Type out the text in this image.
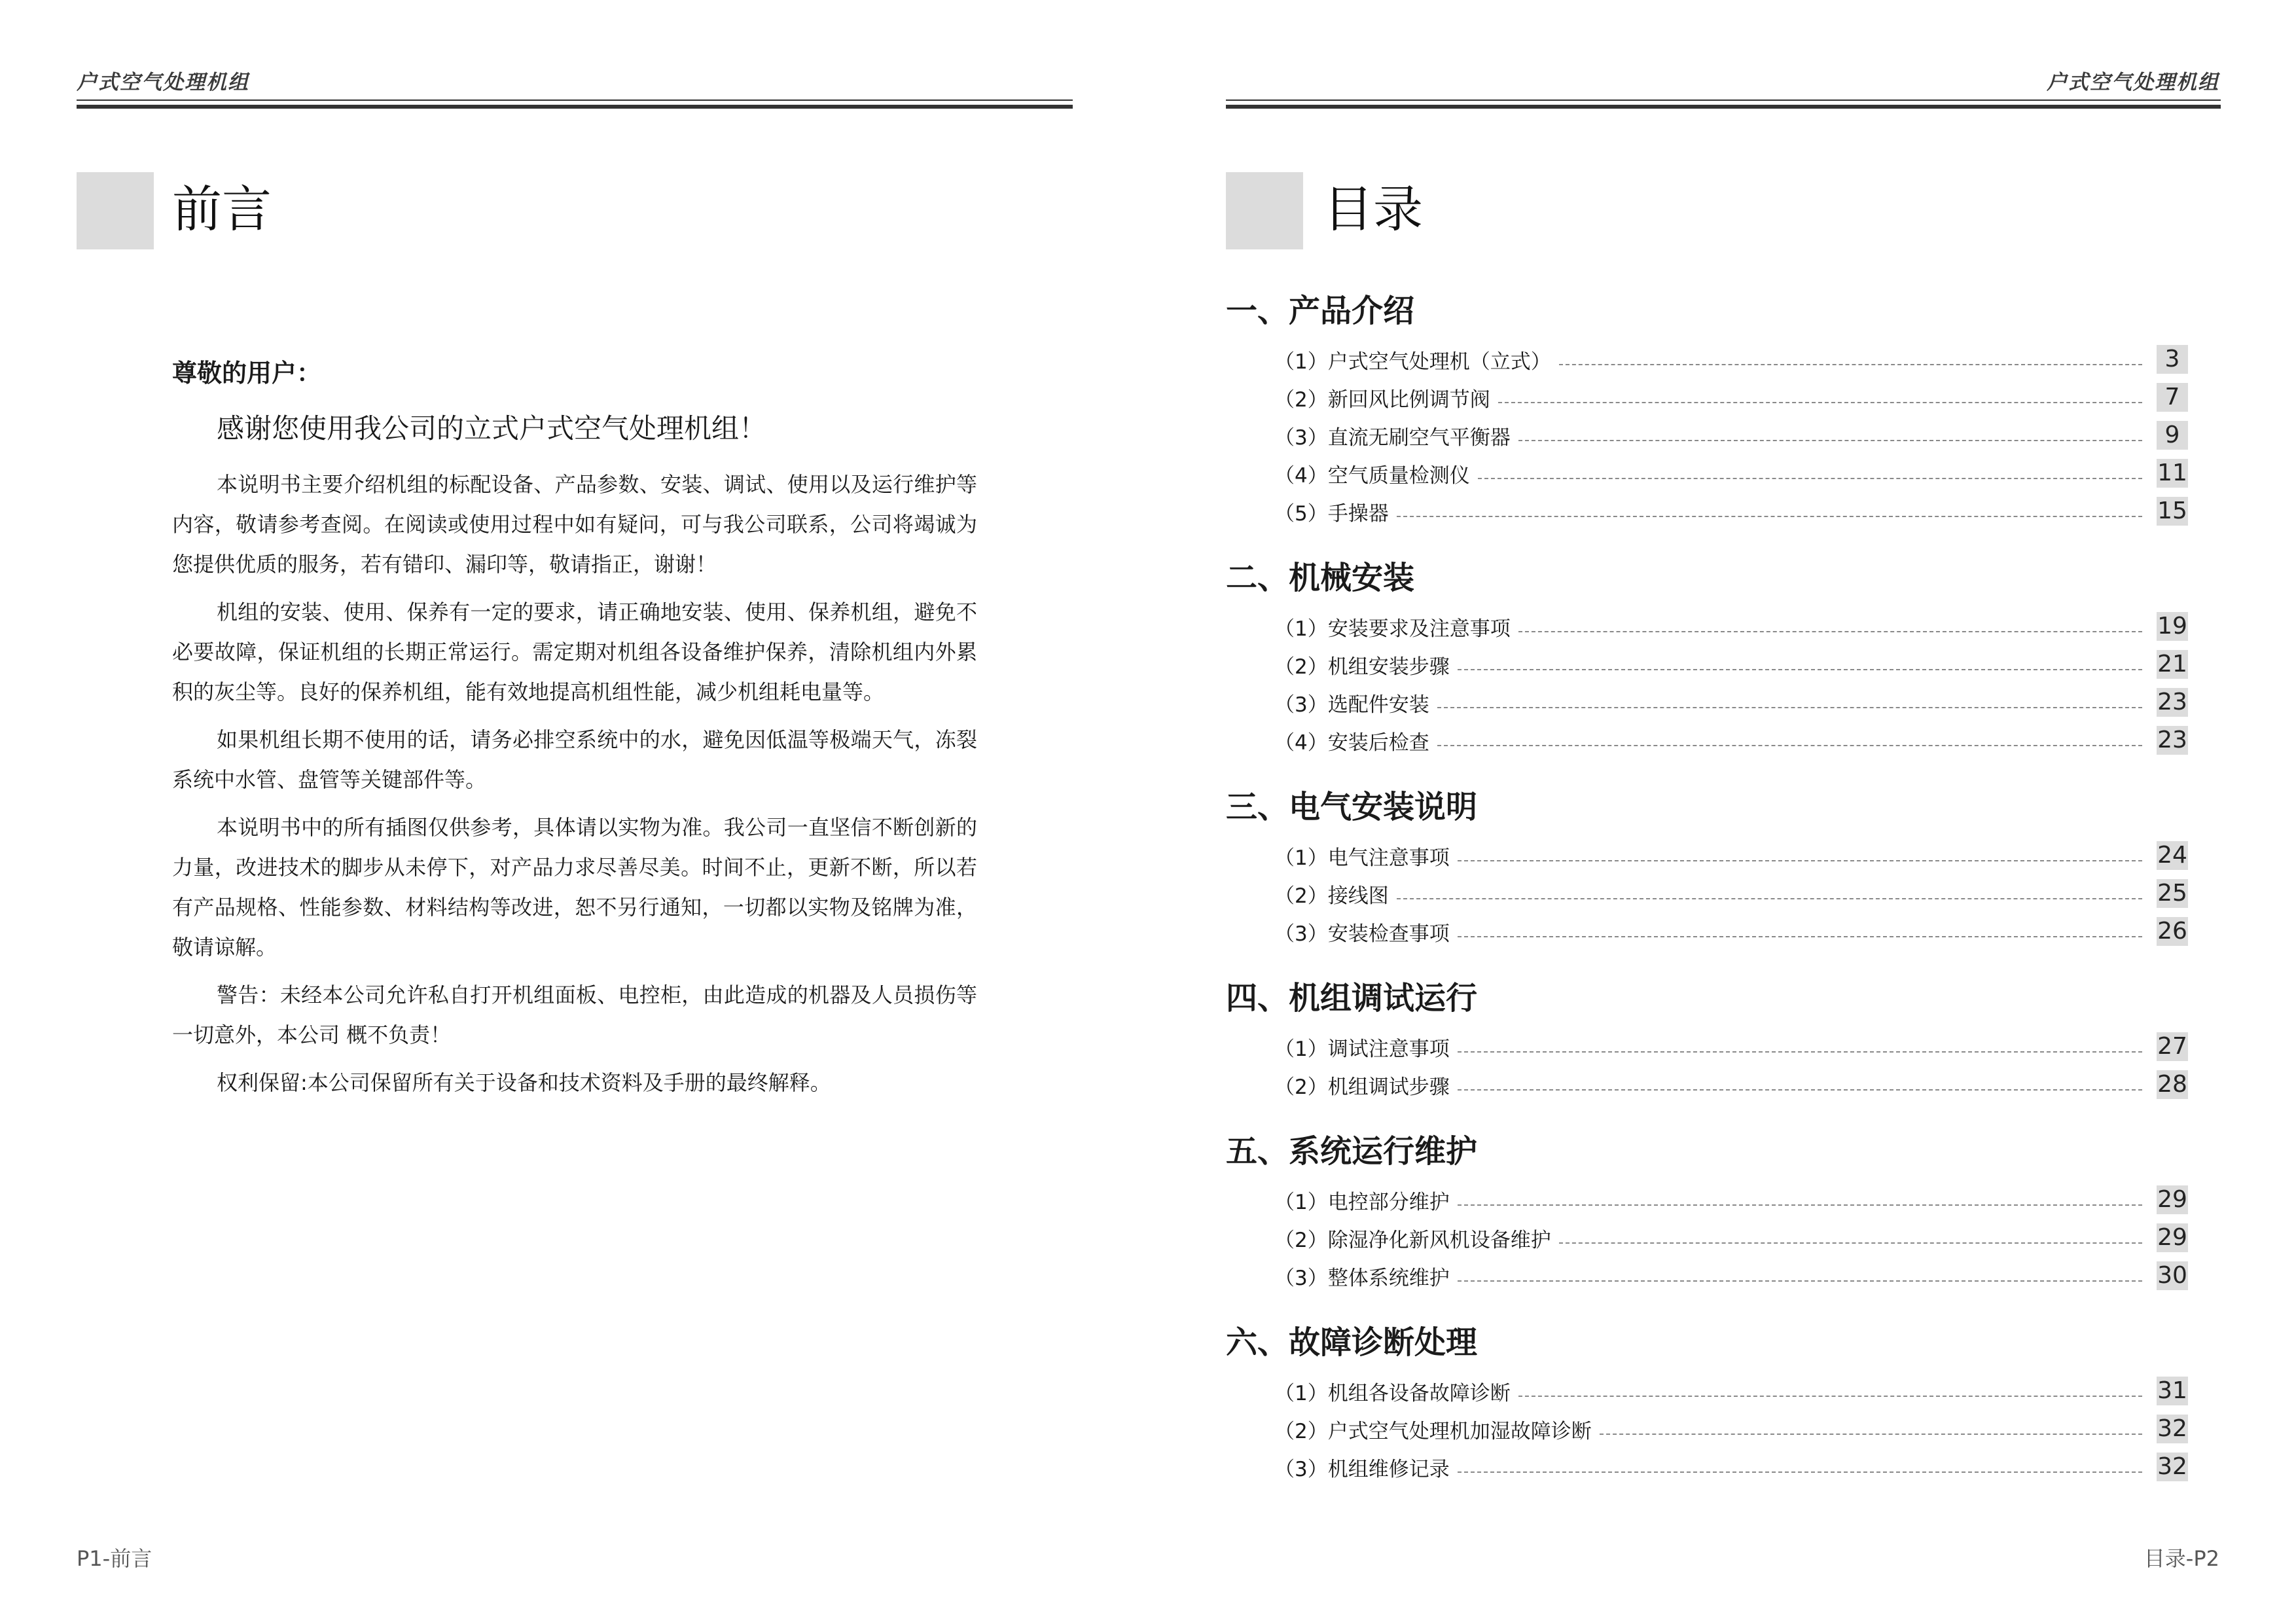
户式空气处理机组
前言

尊敬的用户：

感谢您使用我公司的立式户式空气处理机组！

本说明书主要介绍机组的标配设备、产品参数、安装、调试、使用以及运行维护等内容，敬请参考查阅。在阅读或使用过程中如有疑问，可与我公司联系，公司将竭诚为您提供优质的服务，若有错印、漏印等，敬请指正，谢谢！

机组的安装、使用、保养有一定的要求，请正确地安装、使用、保养机组，避免不必要故障，保证机组的长期正常运行。需定期对机组各设备维护保养，清除机组内外累积的灰尘等。良好的保养机组，能有效地提高机组性能，减少机组耗电量等。

如果机组长期不使用的话，请务必排空系统中的水，避免因低温等极端天气，冻裂系统中水管、盘管等关键部件等。

本说明书中的所有插图仅供参考，具体请以实物为准。我公司一直坚信不断创新的力量，改进技术的脚步从未停下，对产品力求尽善尽美。时间不止，更新不断，所以若有产品规格、性能参数、材料结构等改进，恕不另行通知，一切都以实物及铭牌为准，敬请谅解。

警告：未经本公司允许私自打开机组面板、电控柜，由此造成的机器及人员损伤等一切意外，本公司 概不负责！

权利保留:本公司保留所有关于设备和技术资料及手册的最终解释。

P1-前言
户式空气处理机组
目录
一、产品介绍
（1）户式空气处理机（立式）	3
（2）新回风比例调节阀	7
（3）直流无刷空气平衡器	9
（4）空气质量检测仪	11
（5）手操器	15
二、机械安装
（1）安装要求及注意事项	19
（2）机组安装步骤	21
（3）选配件安装	23
（4）安装后检查	23
三、电气安装说明
（1）电气注意事项	24
（2）接线图	25
（3）安装检查事项	26
四、机组调试运行
（1）调试注意事项	27
（2）机组调试步骤	28
五、系统运行维护
（1）电控部分维护	29
（2）除湿净化新风机设备维护	29
（3）整体系统维护	30
六、故障诊断处理
（1）机组各设备故障诊断	31
（2）户式空气处理机加湿故障诊断	32
（3）机组维修记录	32
目录-P2
